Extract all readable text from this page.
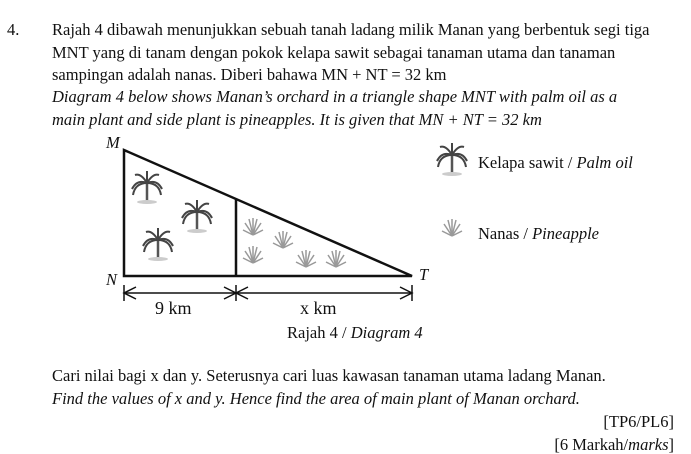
4. Rajah 4 dibawah menunjukkan sebuah tanah ladang milik Manan yang berbentuk segi tiga
MNT yang di tanam dengan pokok kelapa sawit sebagai tanaman utama dan tanaman
sampingan adalah nanas. Diberi bahawa MN + NT = 32 km
Diagram 4 below shows Manan’s orchard in a triangle shape MNT with palm oil as a
main plant and side plant is pineapples. It is given that MN + NT = 32 km
M
N	T
9 km	x km
Rajah 4 / Diagram 4
Kelapa sawit / Palm oil
Nanas / Pineapple
Cari nilai bagi x dan y. Seterusnya cari luas kawasan tanaman utama ladang Manan.
Find the values of x and y. Hence find the area of main plant of Manan orchard.
[TP6/PL6]
[6 Markah/marks]
